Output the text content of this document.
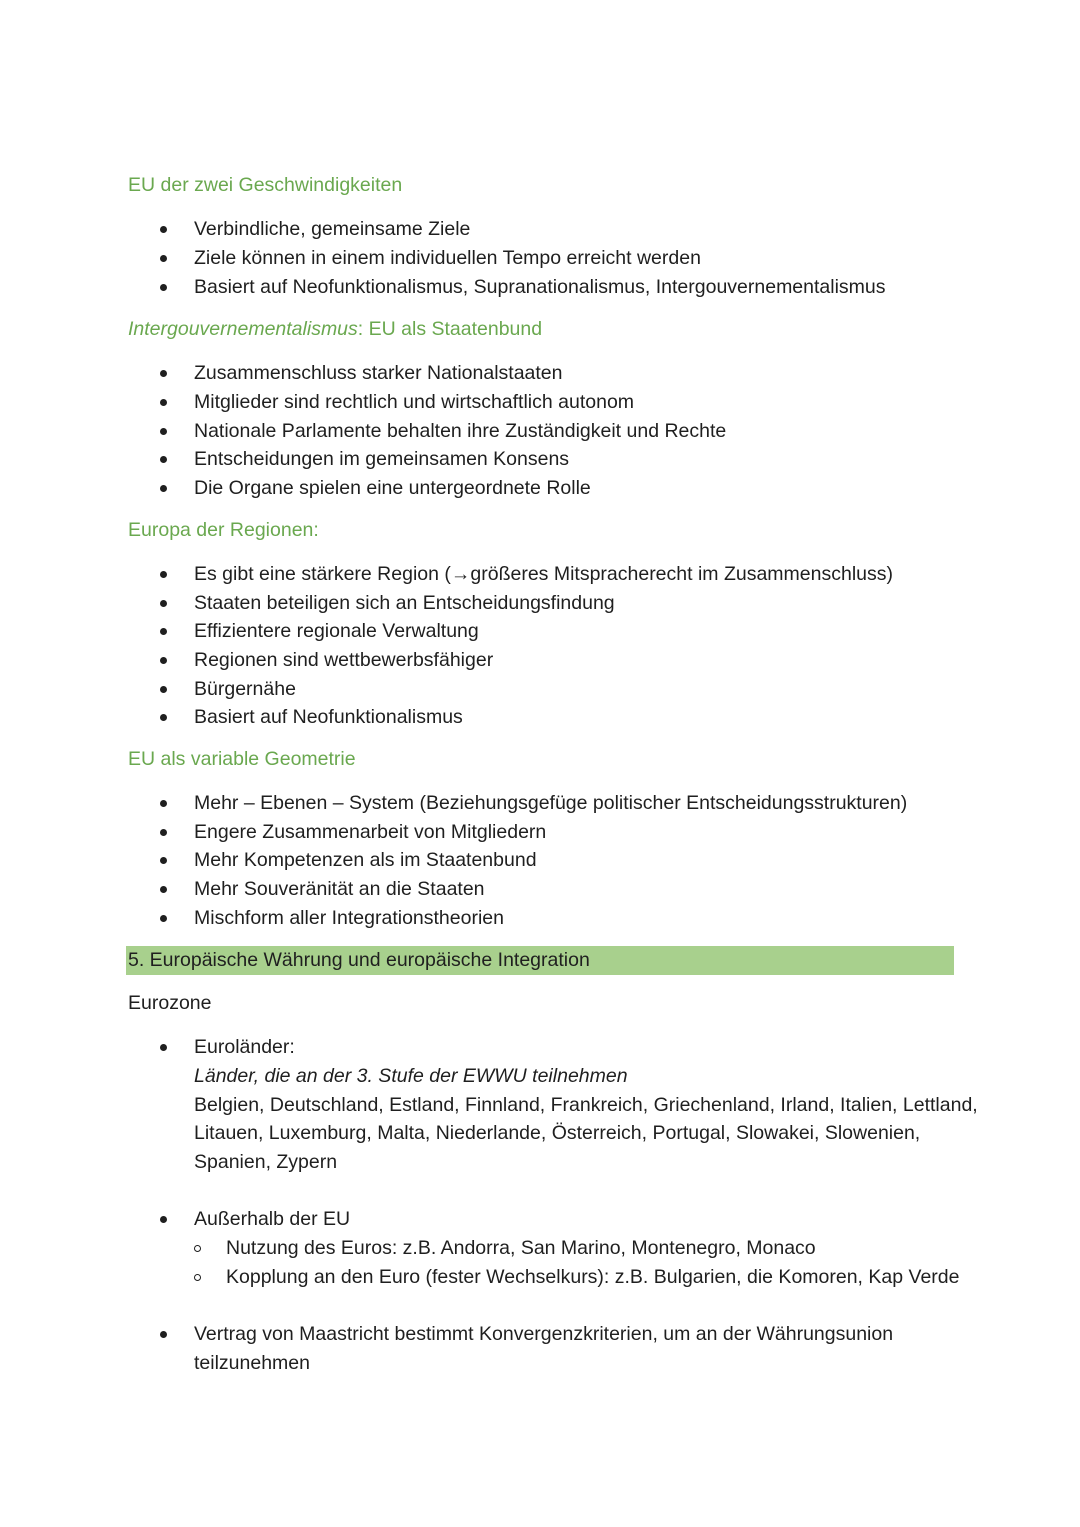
EU der zwei Geschwindigkeiten
Verbindliche, gemeinsame Ziele
Ziele können in einem individuellen Tempo erreicht werden
Basiert auf Neofunktionalismus, Supranationalismus, Intergouvernementalismus
Intergouvernementalismus: EU als Staatenbund
Zusammenschluss starker Nationalstaaten
Mitglieder sind rechtlich und wirtschaftlich autonom
Nationale Parlamente behalten ihre Zuständigkeit und Rechte
Entscheidungen im gemeinsamen Konsens
Die Organe spielen eine untergeordnete Rolle
Europa der Regionen:
Es gibt eine stärkere Region (→größeres Mitspracherecht im Zusammenschluss)
Staaten beteiligen sich an Entscheidungsfindung
Effizientere regionale Verwaltung
Regionen sind wettbewerbsfähiger
Bürgernähe
Basiert auf Neofunktionalismus
EU als variable Geometrie
Mehr – Ebenen – System (Beziehungsgefüge politischer Entscheidungsstrukturen)
Engere Zusammenarbeit von Mitgliedern
Mehr Kompetenzen als im Staatenbund
Mehr Souveränität an die Staaten
Mischform aller Integrationstheorien
5. Europäische Währung und europäische Integration
Eurozone
Euroländer:
Länder, die an der 3. Stufe der EWWU teilnehmen
Belgien, Deutschland, Estland, Finnland, Frankreich, Griechenland, Irland, Italien, Lettland,
Litauen, Luxemburg, Malta, Niederlande, Österreich, Portugal, Slowakei, Slowenien,
Spanien, Zypern
Außerhalb der EU
Nutzung des Euros: z.B. Andorra, San Marino, Montenegro, Monaco
Kopplung an den Euro (fester Wechselkurs): z.B. Bulgarien, die Komoren, Kap Verde
Vertrag von Maastricht bestimmt Konvergenzkriterien, um an der Währungsunion
teilzunehmen
